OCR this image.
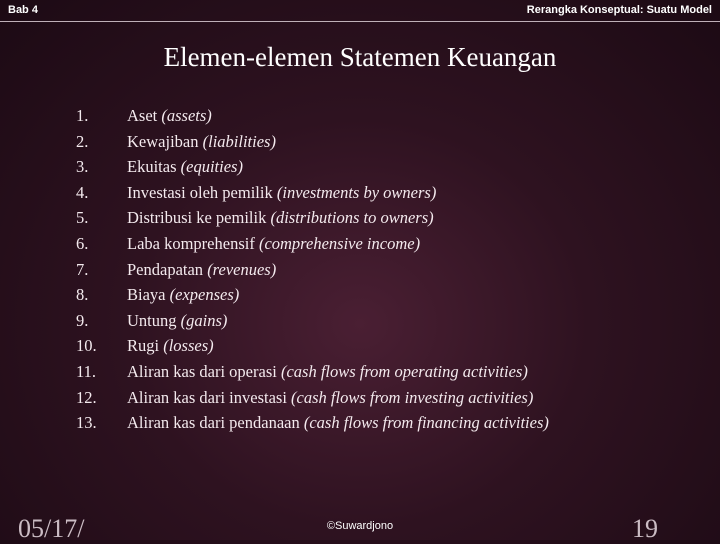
Bab 4	Rerangka Konseptual: Suatu Model
Elemen-elemen Statemen Keuangan
1.	Aset (assets)
2.	Kewajiban (liabilities)
3.	Ekuitas (equities)
4.	Investasi oleh pemilik (investments by owners)
5.	Distribusi ke pemilik (distributions to owners)
6.	Laba komprehensif (comprehensive income)
7.	Pendapatan (revenues)
8.	Biaya (expenses)
9.	Untung (gains)
10.	Rugi (losses)
11.	Aliran kas dari operasi (cash flows from operating activities)
12.	Aliran kas dari investasi (cash flows from investing activities)
13.	Aliran kas dari pendanaan (cash flows from financing activities)
05/17/	©Suwardjono	19
